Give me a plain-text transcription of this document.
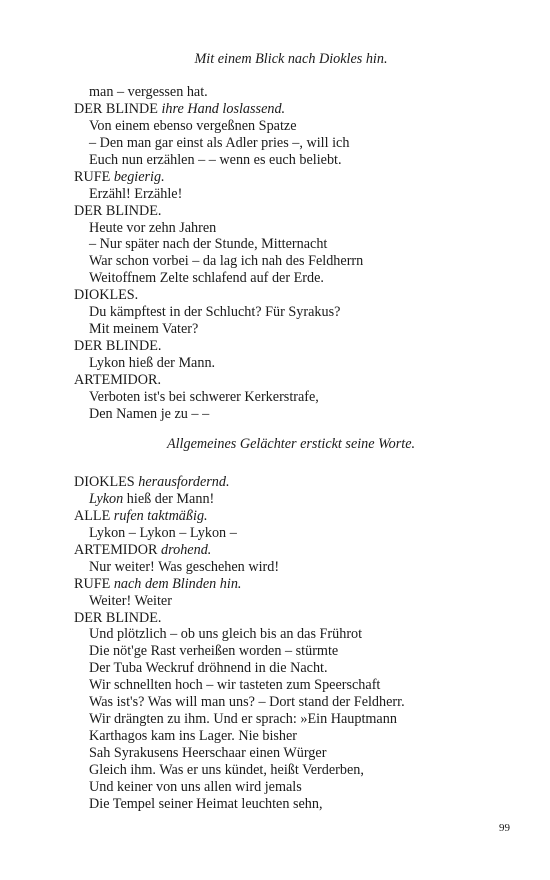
Mit einem Blick nach Diokles hin.
man – vergessen hat.
DER BLINDE ihre Hand loslassend.
Von einem ebenso vergeßnen Spatze
– Den man gar einst als Adler pries –, will ich
Euch nun erzählen – – wenn es euch beliebt.
RUFE begierig.
Erzähl! Erzähle!
DER BLINDE.
Heute vor zehn Jahren
– Nur später nach der Stunde, Mitternacht
War schon vorbei – da lag ich nah des Feldherrn
Weitoffnem Zelte schlafend auf der Erde.
DIOKLES.
Du kämpftest in der Schlucht? Für Syrakus?
Mit meinem Vater?
DER BLINDE.
Lykon hieß der Mann.
ARTEMIDOR.
Verboten ist's bei schwerer Kerkerstrafe,
Den Namen je zu – –
Allgemeines Gelächter erstickt seine Worte.
DIOKLES herausfordernd.
Lykon hieß der Mann!
ALLE rufen taktmäßig.
Lykon – Lykon – Lykon –
ARTEMIDOR drohend.
Nur weiter! Was geschehen wird!
RUFE nach dem Blinden hin.
Weiter! Weiter
DER BLINDE.
Und plötzlich – ob uns gleich bis an das Frührot
Die nöt'ge Rast verheißen worden – stürmte
Der Tuba Weckruf dröhnend in die Nacht.
Wir schnellten hoch – wir tasteten zum Speerschaft
Was ist's? Was will man uns? – Dort stand der Feldherr.
Wir drängten zu ihm. Und er sprach: »Ein Hauptmann
Karthagos kam ins Lager. Nie bisher
Sah Syrakusens Heerschaar einen Würger
Gleich ihm. Was er uns kündet, heißt Verderben,
Und keiner von uns allen wird jemals
Die Tempel seiner Heimat leuchten sehn,
99
